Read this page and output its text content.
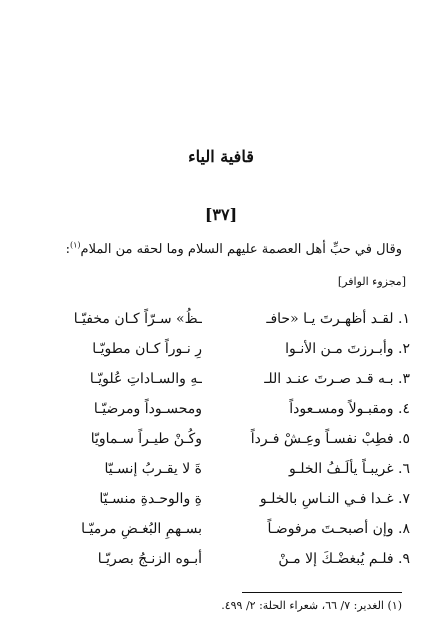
قافية الياء
[٣٧]
وقال في حبِّ أهل العصمة عليهم السلام وما لحقه من الملام$^{(١)}$:
[مجزوء الوافر]
١. لقـد أظهـرتَ يـا «حافـ
ـظُ» سـرّاً كـان مخفيّـا
٢. وأبـرزتَ مـن الأنـوا
رِ نـوراً كـان مطويّـا
٣. بـه قـد صـرتَ عنـد اللـ
ـهِ والسـاداتِ عُلويّـا
٤. ومقبـولاً ومسـعوداً
ومحسـوداً ومرضيّـا
٥. فطِبْ نفسـاً وعِـشْ فـرداً
وكُـنْ طيـراً سـماويّا
٦. غريبـاً يألَـفُ الخلـو
ةَ لا يقـربُ إنسـيّا
٧. غـدا فـي النـاسِ بالخلـو
ةِ والوحـدةِ منسـيّا
٨. وإن أصبحـتَ مرفوضـاً
بسـهمِ البُغـضِ مرميّـا
٩. فلـم يُبغضْـكَ إلا مـنْ
أبـوه الزنـجُ بصريّـا
(١) الغدير: ٧/ ٦٦، شعراء الحلة: ٢/ ٤٩٩.
